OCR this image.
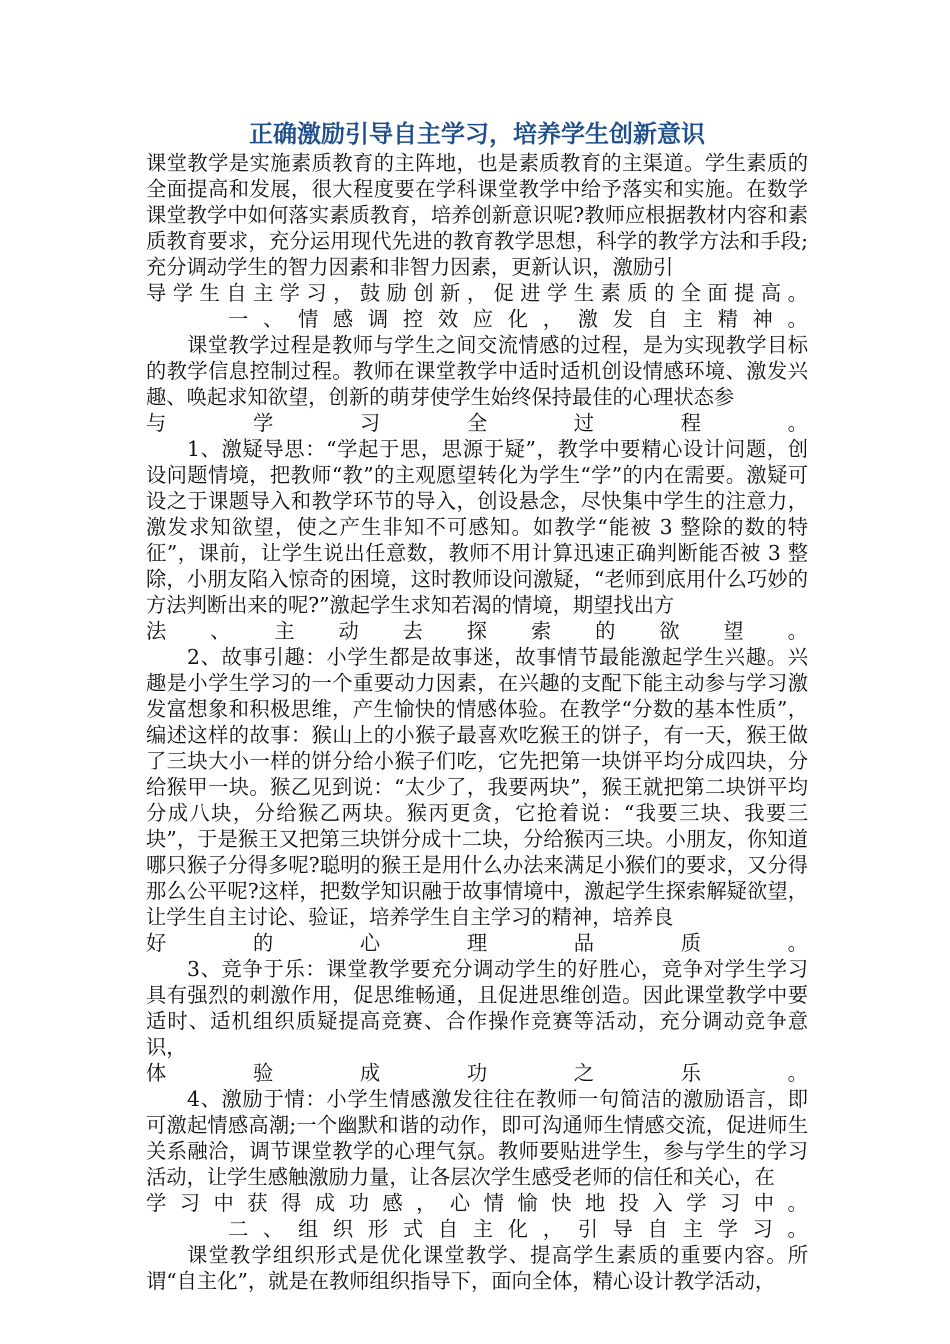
正确激励引导自主学习，培养学生创新意识

课堂教学是实施素质教育的主阵地，也是素质教育的主渠道。学生素质的全面提高和发展，很大程度要在学科课堂教学中给予落实和实施。在数学课堂教学中如何落实素质教育，培养创新意识呢?教师应根据教材内容和素质教育要求，充分运用现代先进的教育教学思想，科学的教学方法和手段;充分调动学生的智力因素和非智力因素，更新认识，激励引

导 学 生 自 主 学 习 ， 鼓 励 创 新 ， 促 进 学 生 素 质 的 全 面 提 高 。
一 、 情 感 调 控 效 应 化 ， 激 发 自 主 精 神 。

课堂教学过程是教师与学生之间交流情感的过程，是为实现教学目标的教学信息控制过程。教师在课堂教学中适时适机创设情感环境、激发兴趣、唤起求知欲望，创新的萌芽使学生始终保持最佳的心理状态参

与	学	习	全	过	程	。

1、激疑导思：“学起于思，思源于疑”，教学中要精心设计问题，创设问题情境，把教师“教”的主观愿望转化为学生“学”的内在需要。激疑可设之于课题导入和教学环节的导入，创设悬念，尽快集中学生的注意力，激发求知欲望，使之产生非知不可感知。如教学“能被 3 整除的数的特征”，课前，让学生说出任意数，教师不用计算迅速正确判断能否被 3 整除，小朋友陷入惊奇的困境，这时教师设问激疑，“老师到底用什么巧妙的方法判断出来的呢?”激起学生求知若渴的情境，期望找出方

法 、 主 动 去 探 索 的 欲 望 。

2、故事引趣：小学生都是故事迷，故事情节最能激起学生兴趣。兴趣是小学生学习的一个重要动力因素，在兴趣的支配下能主动参与学习激发富想象和积极思维，产生愉快的情感体验。在教学“分数的基本性质”，编述这样的故事：猴山上的小猴子最喜欢吃猴王的饼子，有一天，猴王做了三块大小一样的饼分给小猴子们吃，它先把第一块饼平均分成四块，分给猴甲一块。猴乙见到说：“太少了，我要两块”，猴王就把第二块饼平均分成八块，分给猴乙两块。猴丙更贪，它抢着说：“我要三块、我要三块”，于是猴王又把第三块饼分成十二块，分给猴丙三块。小朋友，你知道哪只猴子分得多呢?聪明的猴王是用什么办法来满足小猴们的要求，又分得那么公平呢?这样，把数学知识融于故事情境中，激起学生探索解疑欲望，让学生自主讨论、验证，培养学生自主学习的精神，培养良

好	的	心	理	品	质	。

3、竞争于乐：课堂教学要充分调动学生的好胜心，竞争对学生学习具有强烈的刺激作用，促思维畅通，且促进思维创造。因此课堂教学中要适时、适机组织质疑提高竞赛、合作操作竞赛等活动，充分调动竞争意识，

体	验	成	功	之	乐	。

4、激励于情：小学生情感激发往往在教师一句简洁的激励语言，即可激起情感高潮;一个幽默和谐的动作，即可沟通师生情感交流，促进师生关系融洽，调节课堂教学的心理气氛。教师要贴进学生，参与学生的学习活动，让学生感触激励力量，让各层次学生感受老师的信任和关心，在

学 习 中 获 得 成 功 感 ， 心 情 愉 快 地 投 入 学 习 中 。
二 、 组 织 形 式 自 主 化 ， 引 导 自 主 学 习 。

课堂教学组织形式是优化课堂教学、提高学生素质的重要内容。所谓“自主化”，就是在教师组织指导下，面向全体，精心设计教学活动，
